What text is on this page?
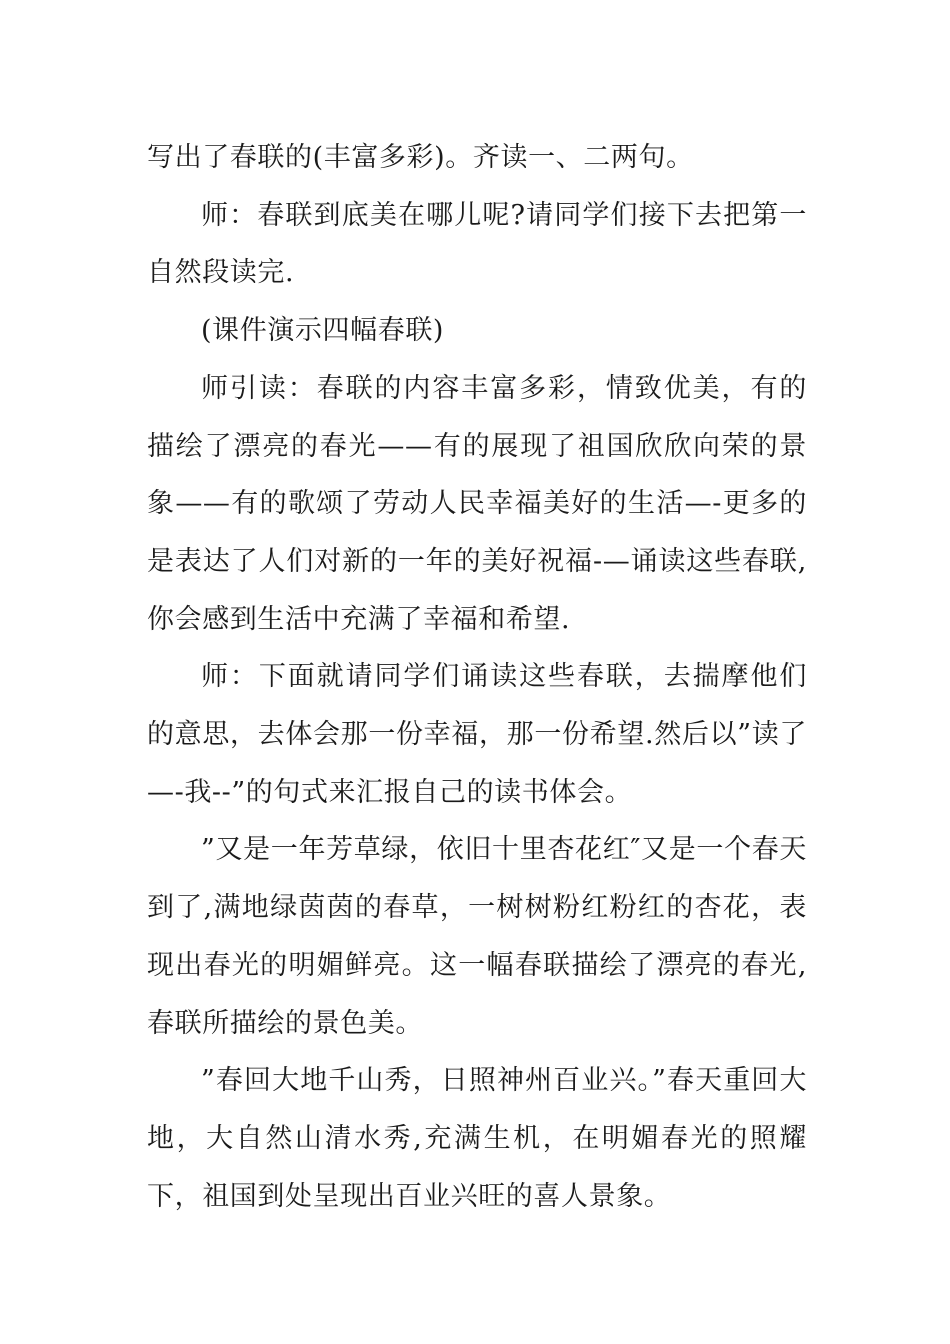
写出了春联的(丰富多彩)。齐读一、二两句。

师：春联到底美在哪儿呢?请同学们接下去把第一自然段读完.

(课件演示四幅春联)

师引读：春联的内容丰富多彩，情致优美，有的描绘了漂亮的春光——有的展现了祖国欣欣向荣的景象——有的歌颂了劳动人民幸福美好的生活—-更多的是表达了人们对新的一年的美好祝福-—诵读这些春联,你会感到生活中充满了幸福和希望.

师：下面就请同学们诵读这些春联，去揣摩他们的意思，去体会那一份幸福，那一份希望.然后以”读了—-我--”的句式来汇报自己的读书体会。

”又是一年芳草绿，依旧十里杏花红″又是一个春天到了,满地绿茵茵的春草，一树树粉红粉红的杏花，表现出春光的明媚鲜亮。这一幅春联描绘了漂亮的春光,春联所描绘的景色美。

”春回大地千山秀，日照神州百业兴。”春天重回大地，大自然山清水秀,充满生机，在明媚春光的照耀下，祖国到处呈现出百业兴旺的喜人景象。
